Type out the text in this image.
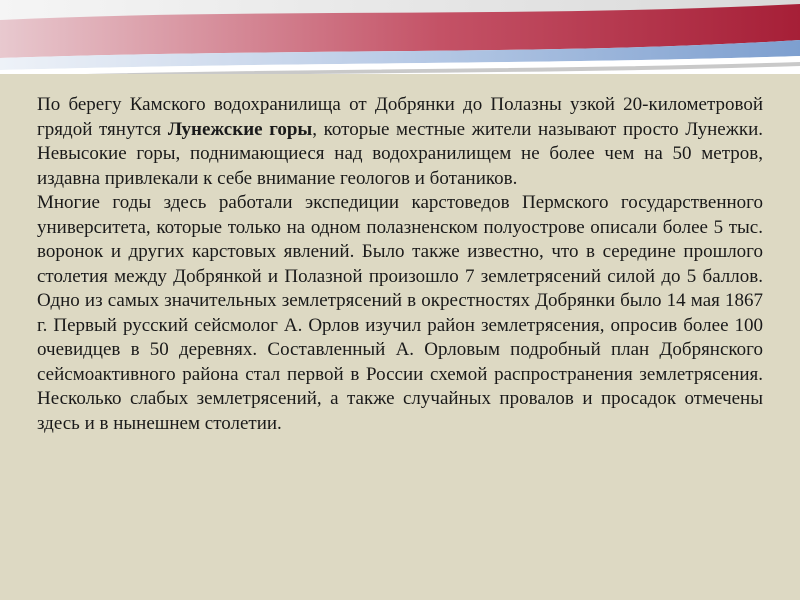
По берегу Камского водохранилища от Добрянки до Полазны узкой 20-километровой грядой тянутся Лунежские горы, которые местные жители называют просто Лунежки. Невысокие горы, поднимающиеся над водохранилищем не более чем на 50 метров, издавна привлекали к себе внимание геологов и ботаников.

Многие годы здесь работали экспедиции карстоведов Пермского государственного университета, которые только на одном полазненском полуострове описали более 5 тыс. воронок и других карстовых явлений. Было также известно, что в середине прошлого столетия между Добрянкой и Полазной произошло 7 землетрясений силой до 5 баллов. Одно из самых значительных землетрясений в окрестностях Добрянки было 14 мая 1867 г. Первый русский сейсмолог А. Орлов изучил район землетрясения, опросив более 100 очевидцев в 50 деревнях. Составленный А. Орловым подробный план Добрянского сейсмоактивного района стал первой в России схемой распространения землетрясения. Несколько слабых землетрясений, а также случайных провалов и просадок отмечены здесь и в нынешнем столетии.
